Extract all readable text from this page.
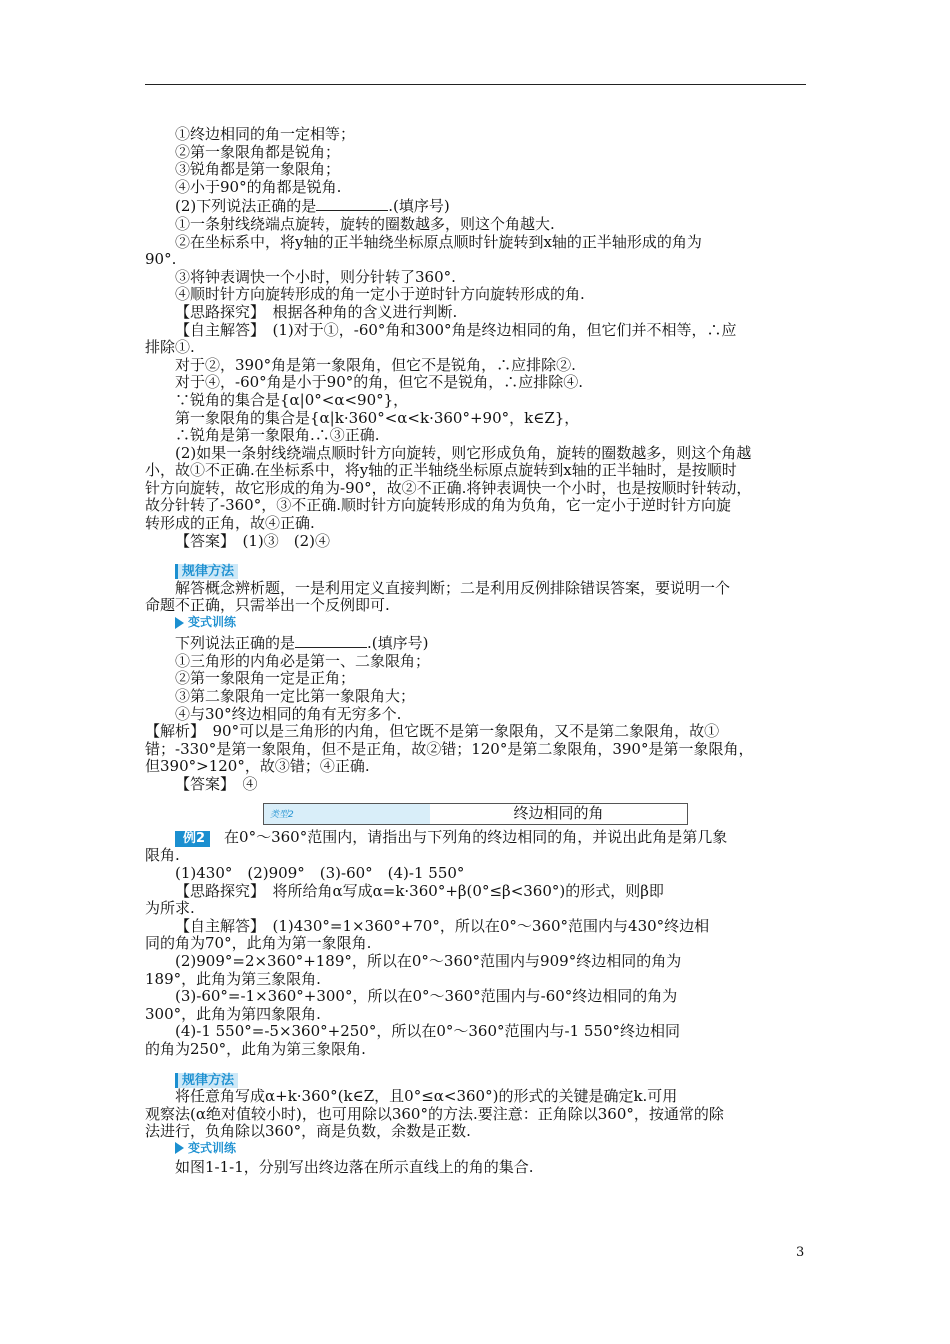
①终边相同的角一定相等；
②第一象限角都是锐角；
③锐角都是第一象限角；
④小于90°的角都是锐角.
(2)下列说法正确的是	.(填序号)
①一条射线绕端点旋转，旋转的圈数越多，则这个角越大.
②在坐标系中，将y轴的正半轴绕坐标原点顺时针旋转到x轴的正半轴形成的角为
90°.
③将钟表调快一个小时，则分针转了360°.
④顺时针方向旋转形成的角一定小于逆时针方向旋转形成的角.
【思路探究】　根据各种角的含义进行判断.
【自主解答】　(1)对于①，-60°角和300°角是终边相同的角，但它们并不相等，∴应
排除①.
对于②，390°角是第一象限角，但它不是锐角，∴应排除②.
对于④，-60°角是小于90°的角，但它不是锐角，∴应排除④.
∵锐角的集合是{α|0°<α<90°}，
第一象限角的集合是{α|k·360°<α<k·360°+90°，k∈Z}，
∴锐角是第一象限角.∴③正确.
(2)如果一条射线绕端点顺时针方向旋转，则它形成负角，旋转的圈数越多，则这个角越
小，故①不正确.在坐标系中，将y轴的正半轴绕坐标原点旋转到x轴的正半轴时，是按顺时
针方向旋转，故它形成的角为-90°，故②不正确.将钟表调快一个小时，也是按顺时针转动，
故分针转了-360°，③不正确.顺时针方向旋转形成的角为负角，它一定小于逆时针方向旋
转形成的正角，故④正确.
【答案】　(1)③　(2)④
规律方法
解答概念辨析题，一是利用定义直接判断；二是利用反例排除错误答案，要说明一个
命题不正确，只需举出一个反例即可.
变式训练
下列说法正确的是	.(填序号)
①三角形的内角必是第一、二象限角；
②第一象限角一定是正角；
③第二象限角一定比第一象限角大；
④与30°终边相同的角有无穷多个.
【解析】　90°可以是三角形的内角，但它既不是第一象限角，又不是第二象限角，故①
错；-330°是第一象限角，但不是正角，故②错；120°是第二象限角，390°是第一象限角，
但390°>120°，故③错；④正确.
【答案】　④
类型2	终边相同的角
例2 在0°～360°范围内，请指出与下列角的终边相同的角，并说出此角是第几象
限角.
(1)430°　(2)909°　(3)-60°　(4)-1 550°
【思路探究】　将所给角α写成α=k·360°+β(0°≤β<360°)的形式，则β即
为所求.
【自主解答】　(1)430°=1×360°+70°，所以在0°～360°范围内与430°终边相
同的角为70°，此角为第一象限角.
(2)909°=2×360°+189°，所以在0°～360°范围内与909°终边相同的角为
189°，此角为第三象限角.
(3)-60°=-1×360°+300°，所以在0°～360°范围内与-60°终边相同的角为
300°，此角为第四象限角.
(4)-1 550°=-5×360°+250°，所以在0°～360°范围内与-1 550°终边相同
的角为250°，此角为第三象限角.
规律方法
将任意角写成α+k·360°(k∈Z，且0°≤α<360°)的形式的关键是确定k.可用
观察法(α绝对值较小时)，也可用除以360°的方法.要注意：正角除以360°，按通常的除
法进行，负角除以360°，商是负数，余数是正数.
变式训练
如图1-1-1，分别写出终边落在所示直线上的角的集合.
3
